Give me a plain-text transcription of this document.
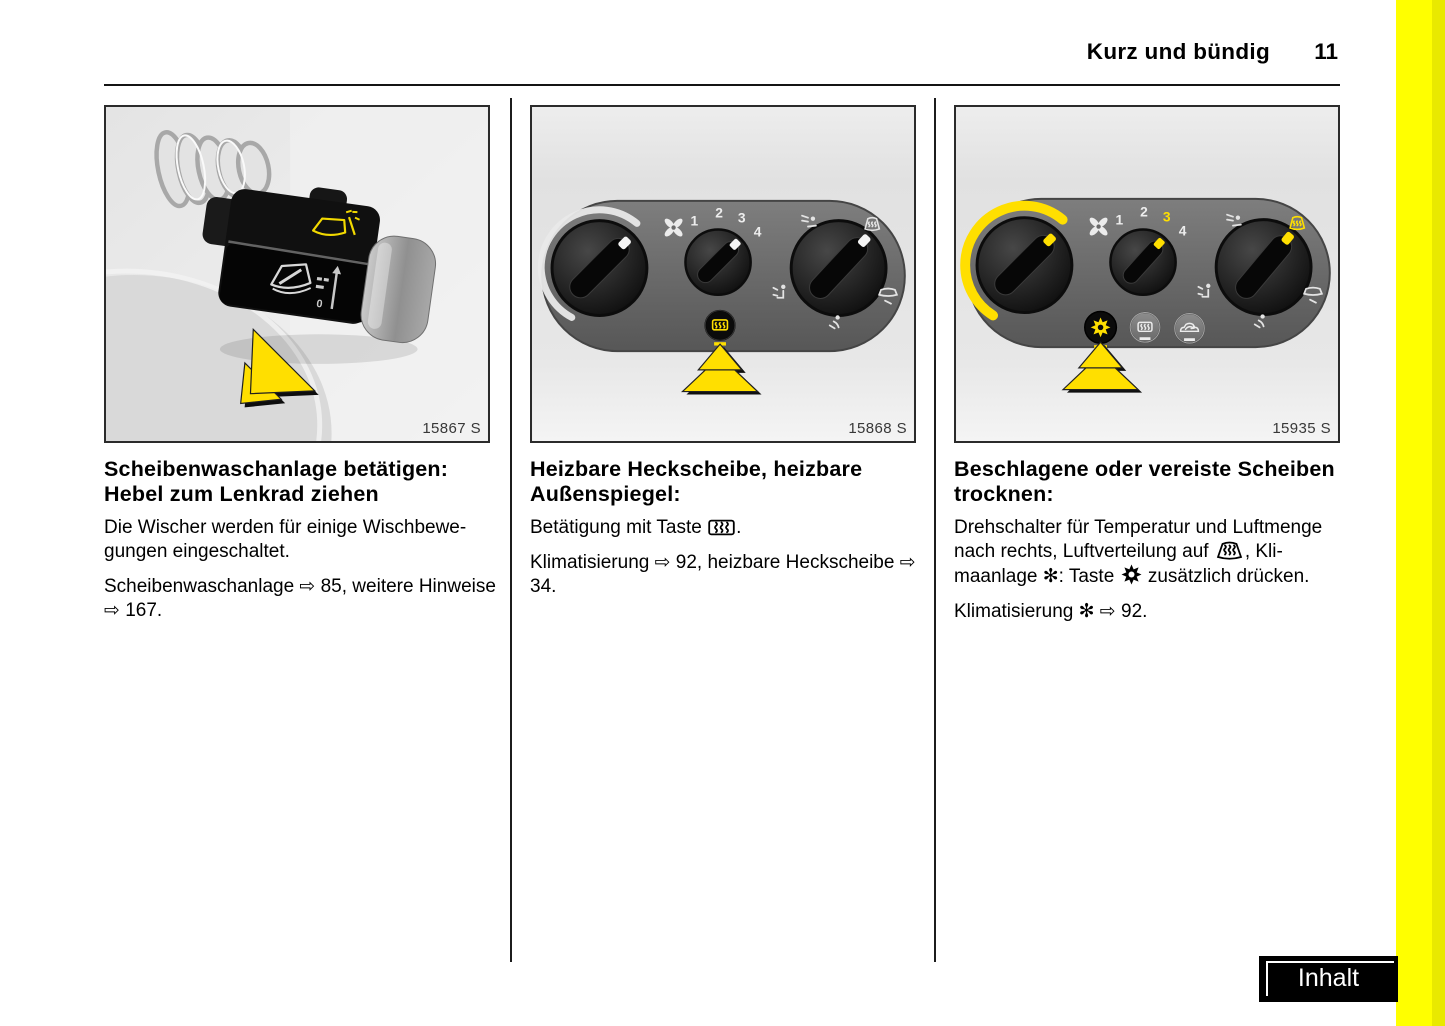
Kurz und bündig 11
0
15867 S
1 2 3
4
15868 S
1 2 3
4
15935 S
Scheibenwaschanlage betätigen: Hebel zum Lenkrad ziehen

Die Wischer werden für einige Wischbewegungen eingeschaltet.

Scheibenwaschanlage ⇨ 85, weitere Hinweise ⇨ 167.

Heizbare Heckscheibe, heizbare Außenspiegel:

Betätigung mit Taste .

Klimatisierung ⇨ 92, heizbare Heckscheibe ⇨ 34.

Beschlagene oder vereiste Scheiben trocknen:

Drehschalter für Temperatur und Luftmenge nach rechts, Luftverteilung auf , Klimaanlage ✻: Taste  zusätzlich drücken.

Klimatisierung ✻ ⇨ 92.

Inhalt
